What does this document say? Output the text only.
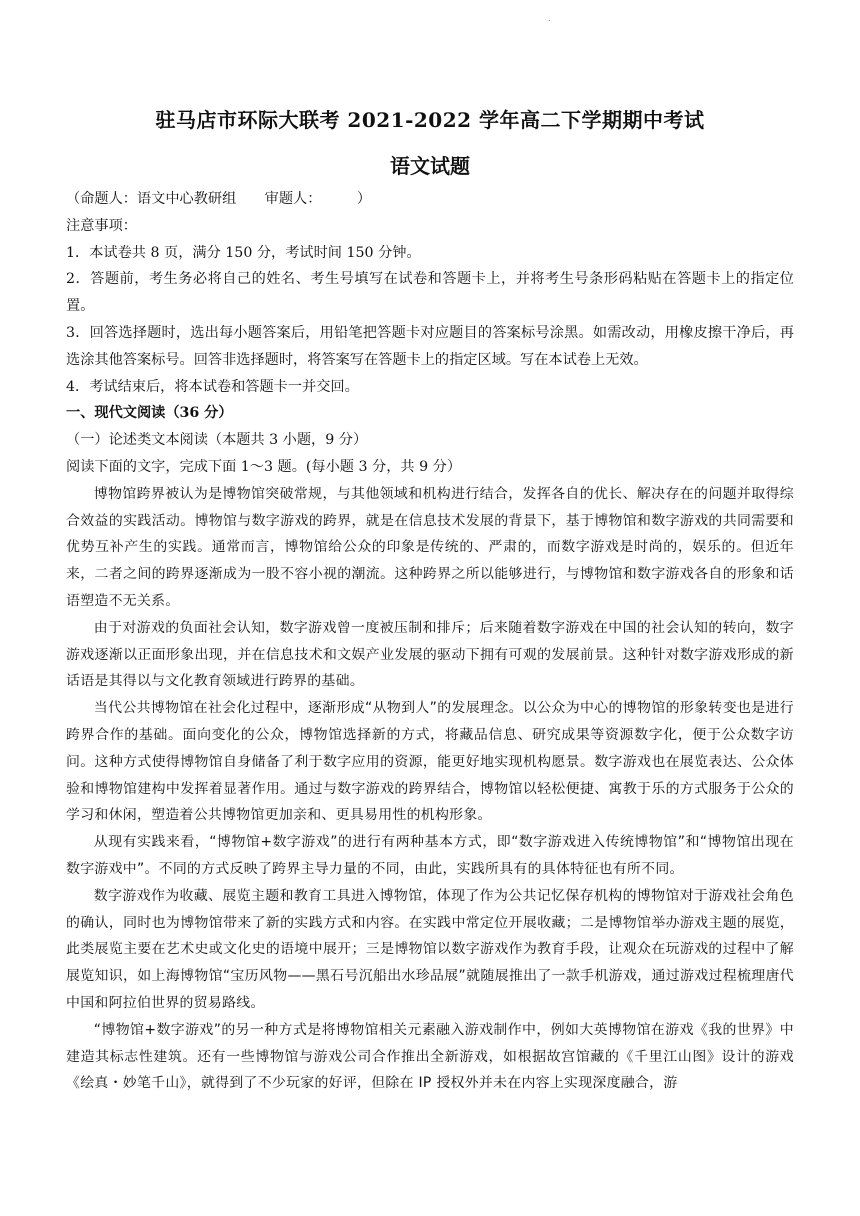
.
驻马店市环际大联考 2021-2022 学年高二下学期期中考试
语文试题

（命题人：语文中心教研组　　审题人：　　　）

注意事项：

1．本试卷共 8 页，满分 150 分，考试时间 150 分钟。

2．答题前，考生务必将自己的姓名、考生号填写在试卷和答题卡上，并将考生号条形码粘贴在答题卡上的指定位置。

3．回答选择题时，选出每小题答案后，用铅笔把答题卡对应题目的答案标号涂黑。如需改动，用橡皮擦干净后，再选涂其他答案标号。回答非选择题时，将答案写在答题卡上的指定区域。写在本试卷上无效。

4．考试结束后，将本试卷和答题卡一并交回。

一、现代文阅读（36 分）

（一）论述类文本阅读（本题共 3 小题，9 分）

阅读下面的文字，完成下面 1～3 题。(每小题 3 分，共 9 分）

博物馆跨界被认为是博物馆突破常规，与其他领域和机构进行结合，发挥各自的优长、解决存在的问题并取得综合效益的实践活动。博物馆与数字游戏的跨界，就是在信息技术发展的背景下，基于博物馆和数字游戏的共同需要和优势互补产生的实践。通常而言，博物馆给公众的印象是传统的、严肃的，而数字游戏是时尚的，娱乐的。但近年来，二者之间的跨界逐渐成为一股不容小视的潮流。这种跨界之所以能够进行，与博物馆和数字游戏各自的形象和话语塑造不无关系。

由于对游戏的负面社会认知，数字游戏曾一度被压制和排斥；后来随着数字游戏在中国的社会认知的转向，数字游戏逐渐以正面形象出现，并在信息技术和文娱产业发展的驱动下拥有可观的发展前景。这种针对数字游戏形成的新话语是其得以与文化教育领域进行跨界的基础。

当代公共博物馆在社会化过程中，逐渐形成“从物到人”的发展理念。以公众为中心的博物馆的形象转变也是进行跨界合作的基础。面向变化的公众，博物馆选择新的方式，将藏品信息、研究成果等资源数字化，便于公众数字访问。这种方式使得博物馆自身储备了利于数字应用的资源，能更好地实现机构愿景。数字游戏也在展览表达、公众体验和博物馆建构中发挥着显著作用。通过与数字游戏的跨界结合，博物馆以轻松便捷、寓教于乐的方式服务于公众的学习和休闲，塑造着公共博物馆更加亲和、更具易用性的机构形象。

从现有实践来看，“博物馆+数字游戏”的进行有两种基本方式，即“数字游戏进入传统博物馆”和“博物馆出现在数字游戏中”。不同的方式反映了跨界主导力量的不同，由此，实践所具有的具体特征也有所不同。

数字游戏作为收藏、展览主题和教育工具进入博物馆，体现了作为公共记忆保存机构的博物馆对于游戏社会角色的确认，同时也为博物馆带来了新的实践方式和内容。在实践中常定位开展收藏；二是博物馆举办游戏主题的展览，此类展览主要在艺术史或文化史的语境中展开；三是博物馆以数字游戏作为教育手段，让观众在玩游戏的过程中了解展览知识，如上海博物馆“宝历风物——黑石号沉船出水珍品展”就随展推出了一款手机游戏，通过游戏过程梳理唐代中国和阿拉伯世界的贸易路线。

“博物馆+数字游戏”的另一种方式是将博物馆相关元素融入游戏制作中，例如大英博物馆在游戏《我的世界》中建造其标志性建筑。还有一些博物馆与游戏公司合作推出全新游戏，如根据故宫馆藏的《千里江山图》设计的游戏《绘真・妙笔千山》，就得到了不少玩家的好评，但除在 IP 授权外并未在内容上实现深度融合，游
